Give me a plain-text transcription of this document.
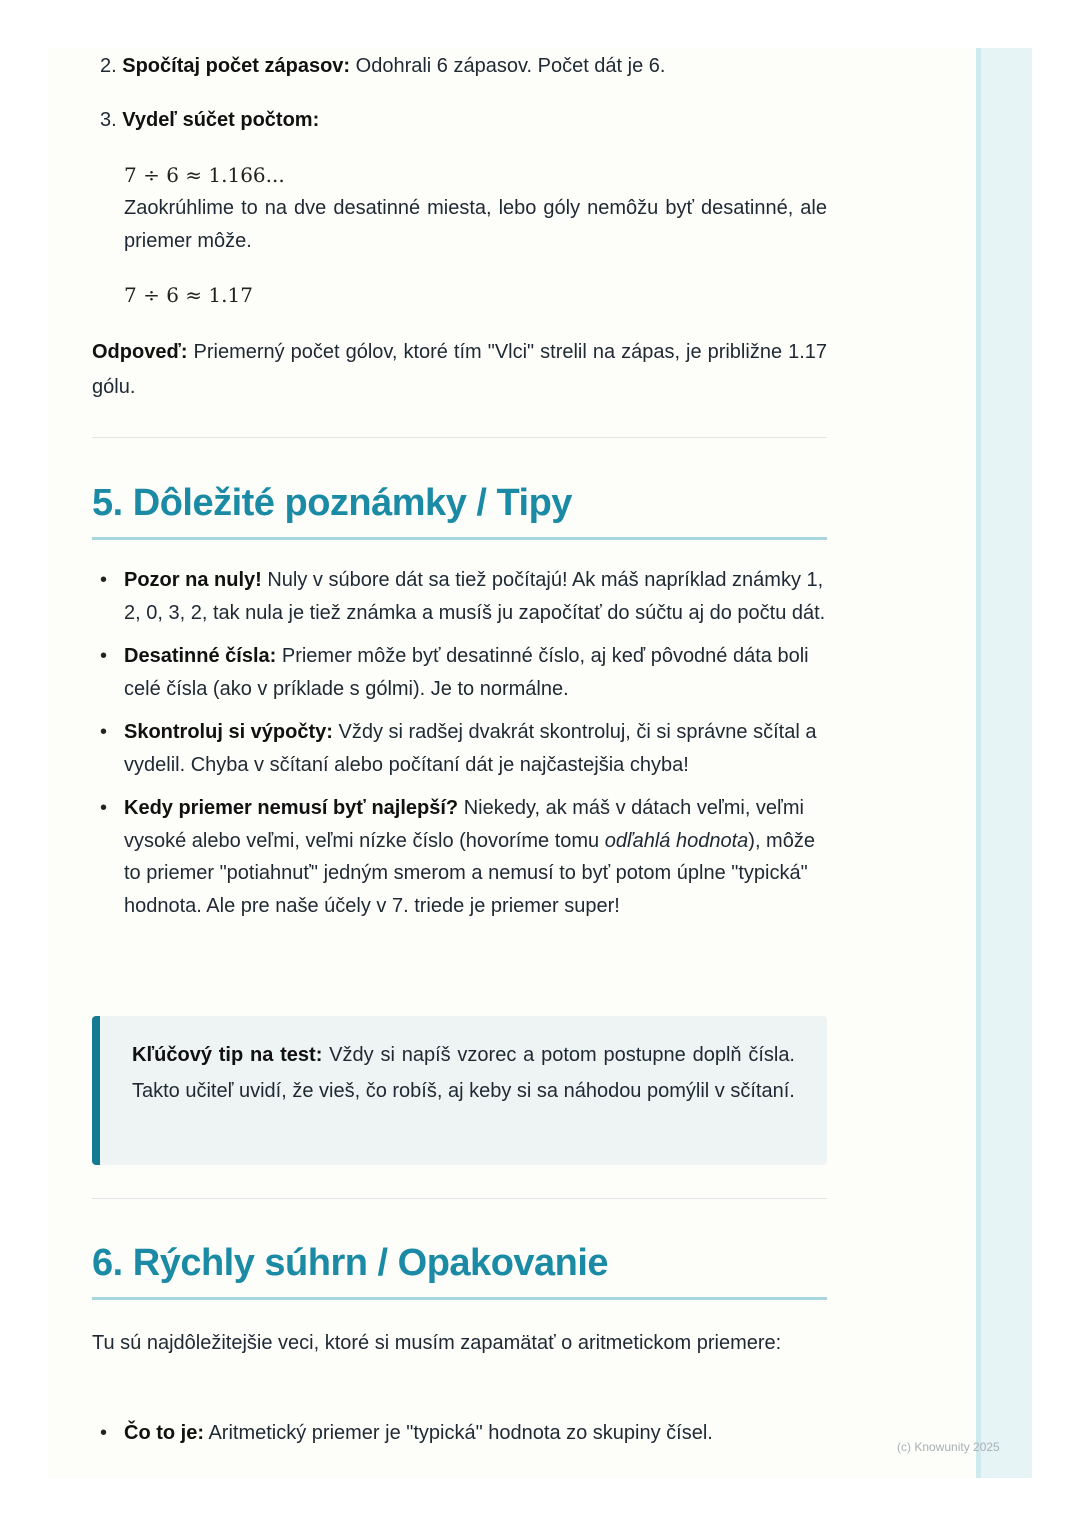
2. Spočítaj počet zápasov: Odohrali 6 zápasov. Počet dát je 6.
3. Vydeľ súčet počtom:
7 ÷ 6 ≈ 1.166...
Zaokrúhlime to na dve desatinné miesta, lebo góly nemôžu byť desatinné, ale priemer môže.
7 ÷ 6 ≈ 1.17
Odpoveď: Priemerný počet gólov, ktoré tím "Vlci" strelil na zápas, je približne 1.17 gólu.
5. Dôležité poznámky / Tipy
• Pozor na nuly! Nuly v súbore dát sa tiež počítajú! Ak máš napríklad známky 1, 2, 0, 3, 2, tak nula je tiež známka a musíš ju započítať do súčtu aj do počtu dát.
• Desatinné čísla: Priemer môže byť desatinné číslo, aj keď pôvodné dáta boli celé čísla (ako v príklade s gólmi). Je to normálne.
• Skontroluj si výpočty: Vždy si radšej dvakrát skontroluj, či si správne sčítal a vydelil. Chyba v sčítaní alebo počítaní dát je najčastejšia chyba!
• Kedy priemer nemusí byť najlepší? Niekedy, ak máš v dátach veľmi, veľmi vysoké alebo veľmi, veľmi nízke číslo (hovoríme tomu odľahlá hodnota), môže to priemer "potiahnuť" jedným smerom a nemusí to byť potom úplne "typická" hodnota. Ale pre naše účely v 7. triede je priemer super!
Kľúčový tip na test: Vždy si napíš vzorec a potom postupne doplň čísla. Takto učiteľ uvidí, že vieš, čo robíš, aj keby si sa náhodou pomýlil v sčítaní.
6. Rýchly súhrn / Opakovanie
Tu sú najdôležitejšie veci, ktoré si musím zapamätať o aritmetickom priemere:
• Čo to je: Aritmetický priemer je "typická" hodnota zo skupiny čísel.
(c) Knowunity 2025
